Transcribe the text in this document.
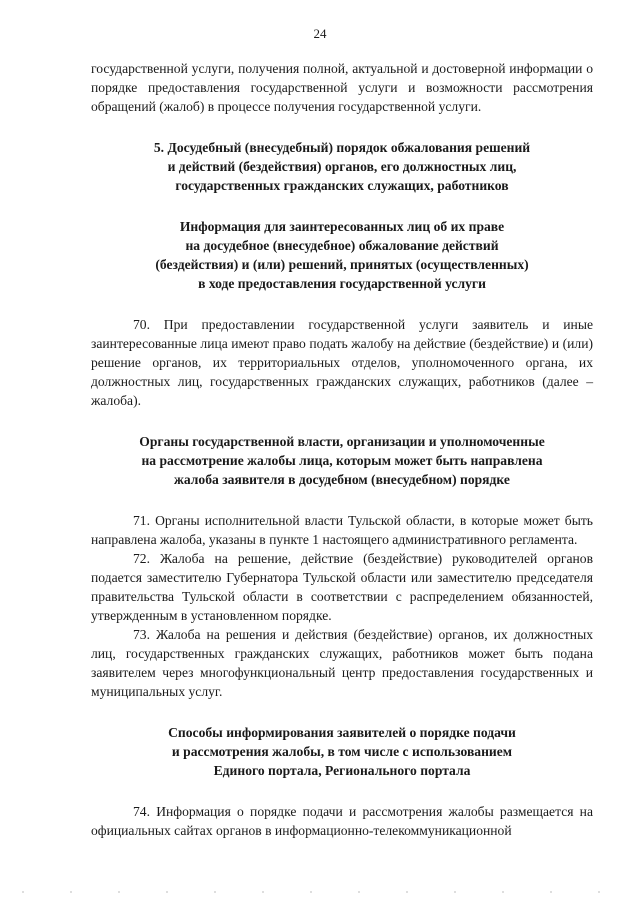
24

государственной услуги, получения полной, актуальной и достоверной информации о порядке предоставления государственной услуги и возможности рассмотрения обращений (жалоб) в процессе получения государственной услуги.

5. Досудебный (внесудебный) порядок обжалования решений
и действий (бездействия) органов, его должностных лиц,
государственных гражданских служащих, работников
Информация для заинтересованных лиц об их праве
на досудебное (внесудебное) обжалование действий
(бездействия) и (или) решений, принятых (осуществленных)
в ходе предоставления государственной услуги

70. При предоставлении государственной услуги заявитель и иные заинтересованные лица имеют право подать жалобу на действие (бездействие) и (или) решение органов, их территориальных отделов, уполномоченного органа, их должностных лиц, государственных гражданских служащих, работников (далее – жалоба).

Органы государственной власти, организации и уполномоченные
на рассмотрение жалобы лица, которым может быть направлена
жалоба заявителя в досудебном (внесудебном) порядке

71. Органы исполнительной власти Тульской области, в которые может быть направлена жалоба, указаны в пункте 1 настоящего административного регламента.

72. Жалоба на решение, действие (бездействие) руководителей органов подается заместителю Губернатора Тульской области или заместителю председателя правительства Тульской области в соответствии с распределением обязанностей, утвержденным в установленном порядке.

73. Жалоба на решения и действия (бездействие) органов, их должностных лиц, государственных гражданских служащих, работников может быть подана заявителем через многофункциональный центр предоставления государственных и муниципальных услуг.

Способы информирования заявителей о порядке подачи
и рассмотрения жалобы, в том числе с использованием
Единого портала, Регионального портала

74. Информация о порядке подачи и рассмотрения жалобы размещается на официальных сайтах органов в информационно-телекоммуникационной
